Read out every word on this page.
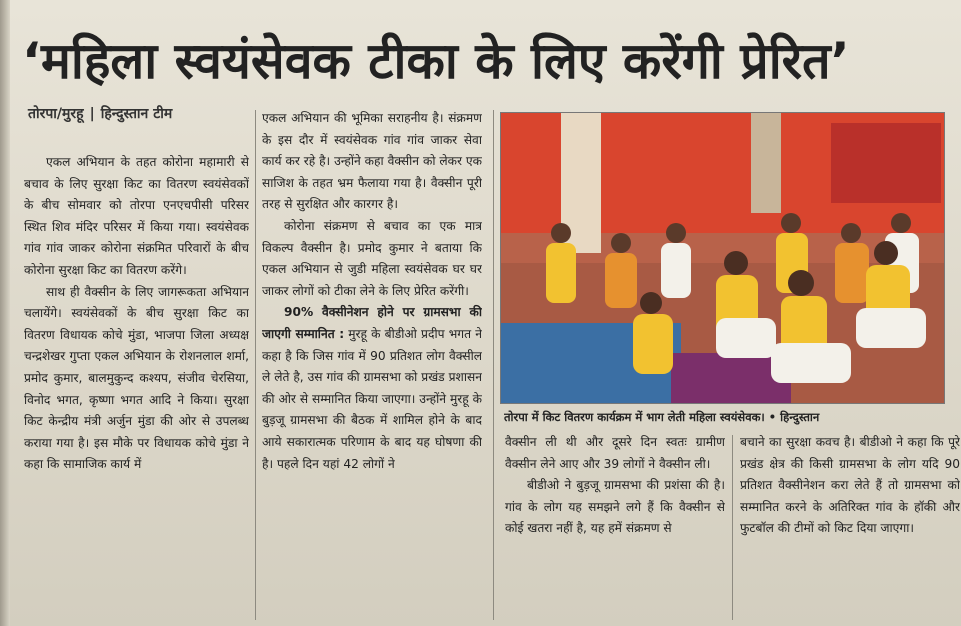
‘महिला स्वयंसेवक टीका के लिए करेंगी प्रेरित’
तोरपा/मुरहू | हिन्दुस्तान टीम

एकल अभियान के तहत कोरोना महामारी से बचाव के लिए सुरक्षा किट का वितरण स्वयंसेवकों के बीच सोमवार को तोरपा एनएचपीसी परिसर स्थित शिव मंदिर परिसर में किया गया। स्वयंसेवक गांव गांव जाकर कोरोना संक्रमित परिवारों के बीच कोरोना सुरक्षा किट का वितरण करेंगे।

साथ ही वैक्सीन के लिए जागरूकता अभियान चलायेंगे। स्वयंसेवकों के बीच सुरक्षा किट का वितरण विधायक कोचे मुंडा, भाजपा जिला अध्यक्ष चन्द्रशेखर गुप्ता एकल अभियान के रोशनलाल शर्मा, प्रमोद कुमार, बालमुकुन्द कश्यप, संजीव चेरसिया, विनोद भगत, कृष्णा भगत आदि ने किया। सुरक्षा किट केन्द्रीय मंत्री अर्जुन मुंडा की ओर से उपलब्ध कराया गया है। इस मौके पर विधायक कोचे मुंडा ने कहा कि सामाजिक कार्य में

एकल अभियान की भूमिका सराहनीय है। संक्रमण के इस दौर में स्वयंसेवक गांव गांव जाकर सेवा कार्य कर रहे है। उन्होंने कहा वैक्सीन को लेकर एक साजिश के तहत भ्रम फैलाया गया है। वैक्सीन पूरी तरह से सुरक्षित और कारगर है।

कोरोना संक्रमण से बचाव का एक मात्र विकल्प वैक्सीन है। प्रमोद कुमार ने बताया कि एकल अभियान से जुडी महिला स्वयंसेवक घर घर जाकर लोगों को टीका लेने के लिए प्रेरित करेंगी।

90% वैक्सीनेशन होने पर ग्रामसभा की जाएगी सम्मानित : मुरहू के बीडीओ प्रदीप भगत ने कहा है कि जिस गांव में 90 प्रतिशत लोग वैक्सील ले लेते है, उस गांव की ग्रामसभा को प्रखंड प्रशासन की ओर से सम्मानित किया जाएगा। उन्होंने मुरहू के बुड़जू ग्रामसभा की बैठक में शामिल होने के बाद आये सकारात्मक परिणाम के बाद यह घोषणा की है। पहले दिन यहां 42 लोगों ने

तोरपा में किट वितरण कार्यक्रम में भाग लेती महिला स्वयंसेवक। • हिन्दुस्तान

वैक्सीन ली थी और दूसरे दिन स्वतः ग्रामीण वैक्सीन लेने आए और 39 लोगों ने वैक्सीन ली।

बीडीओ ने बुड़जू ग्रामसभा की प्रशंसा की है। गांव के लोग यह समझने लगे हैं कि वैक्सीन से कोई खतरा नहीं है, यह हमें संक्रमण से

बचाने का सुरक्षा कवच है। बीडीओ ने कहा कि पूरे प्रखंड क्षेत्र की किसी ग्रामसभा के लोग यदि 90 प्रतिशत वैक्सीनेशन करा लेते हैं तो ग्रामसभा को सम्मानित करने के अतिरिक्त गांव के हॉकी और फुटबॉल की टीमों को किट दिया जाएगा।
